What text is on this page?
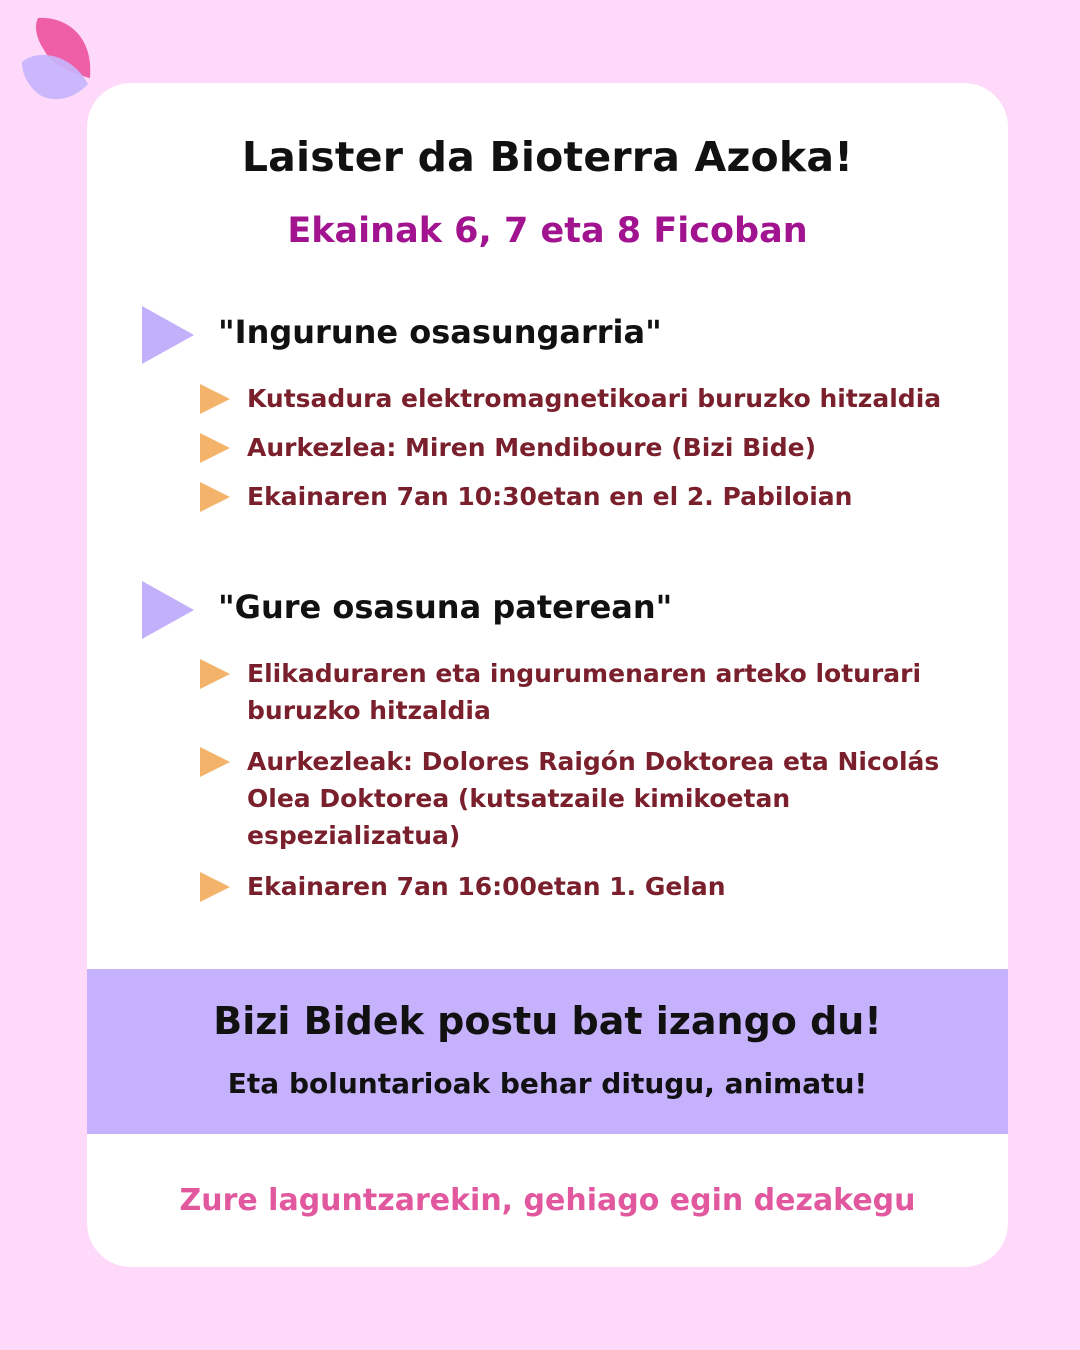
Laister da Bioterra Azoka!
Ekainak 6, 7 eta 8 Ficoban
"Ingurune osasungarria"
Kutsadura elektromagnetikoari buruzko hitzaldia
Aurkezlea: Miren Mendiboure (Bizi Bide)
Ekainaren 7an 10:30etan en el 2. Pabiloian
"Gure osasuna paterean"
Elikaduraren eta ingurumenaren arteko loturari buruzko hitzaldia
Aurkezleak: Dolores Raigón Doktorea eta Nicolás Olea Doktorea (kutsatzaile kimikoetan espezializatua)
Ekainaren 7an 16:00etan 1. Gelan
Bizi Bidek postu bat izango du!
Eta boluntarioak behar ditugu, animatu!
Zure laguntzarekin, gehiago egin dezakegu
